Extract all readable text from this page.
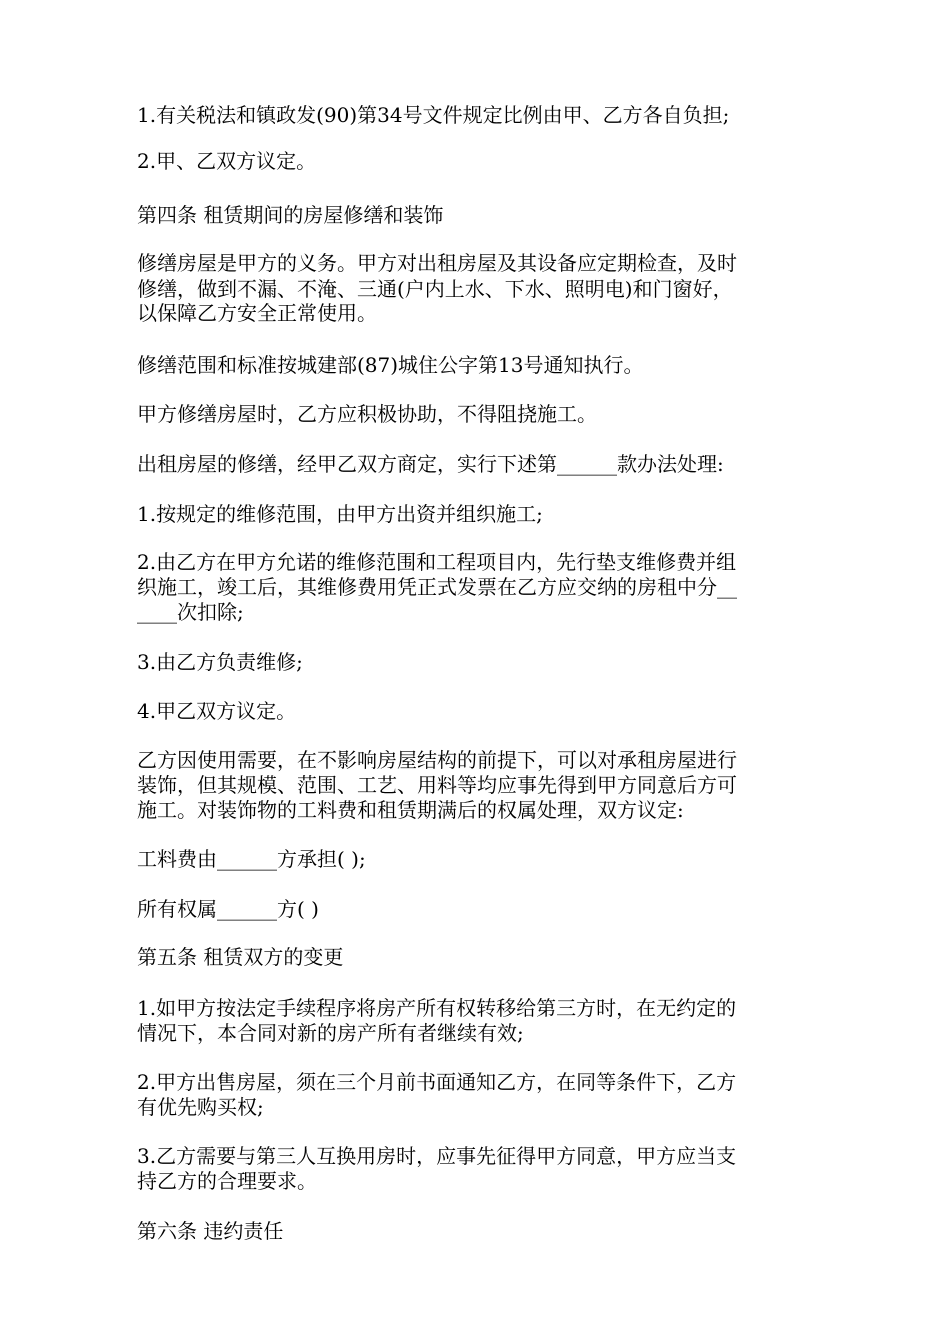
1.有关税法和镇政发(90)第34号文件规定比例由甲、乙方各自负担;
2.甲、乙双方议定。
第四条 租赁期间的房屋修缮和装饰
修缮房屋是甲方的义务。甲方对出租房屋及其设备应定期检查，及时
修缮，做到不漏、不淹、三通(户内上水、下水、照明电)和门窗好，
以保障乙方安全正常使用。
修缮范围和标准按城建部(87)城住公字第13号通知执行。
甲方修缮房屋时，乙方应积极协助，不得阻挠施工。
出租房屋的修缮，经甲乙双方商定，实行下述第______款办法处理:
1.按规定的维修范围，由甲方出资并组织施工;
2.由乙方在甲方允诺的维修范围和工程项目内，先行垫支维修费并组
织施工，竣工后，其维修费用凭正式发票在乙方应交纳的房租中分__
____次扣除;
3.由乙方负责维修;
4.甲乙双方议定。
乙方因使用需要，在不影响房屋结构的前提下，可以对承租房屋进行
装饰，但其规模、范围、工艺、用料等均应事先得到甲方同意后方可
施工。对装饰物的工料费和租赁期满后的权属处理，双方议定:
工料费由______方承担( );
所有权属______方( )
第五条 租赁双方的变更
1.如甲方按法定手续程序将房产所有权转移给第三方时，在无约定的
情况下，本合同对新的房产所有者继续有效;
2.甲方出售房屋，须在三个月前书面通知乙方，在同等条件下，乙方
有优先购买权;
3.乙方需要与第三人互换用房时，应事先征得甲方同意，甲方应当支
持乙方的合理要求。
第六条 违约责任
